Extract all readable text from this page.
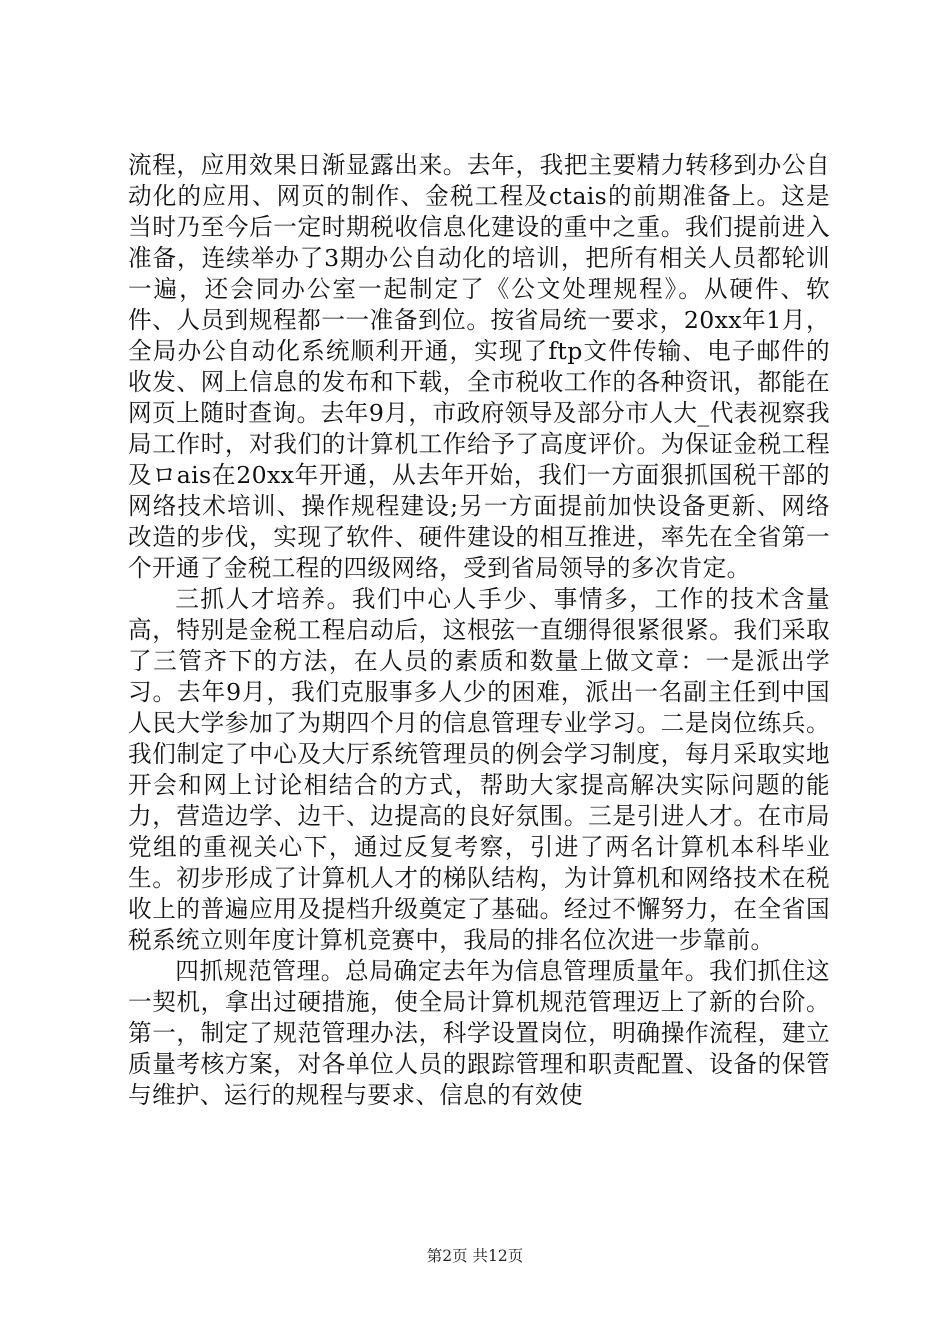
流程，应用效果日渐显露出来。去年，我把主要精力转移到办公自动化的应用、网页的制作、金税工程及ctais的前期准备上。这是当时乃至今后一定时期税收信息化建设的重中之重。我们提前进入准备，连续举办了3期办公自动化的培训，把所有相关人员都轮训一遍，还会同办公室一起制定了《公文处理规程》。从硬件、软件、人员到规程都一一准备到位。按省局统一要求，20xx年1月，全局办公自动化系统顺利开通，实现了ftp文件传输、电子邮件的收发、网上信息的发布和下载，全市税收工作的各种资讯，都能在网页上随时查询。去年9月，市政府领导及部分市人大_代表视察我局工作时，对我们的计算机工作给予了高度评价。为保证金税工程及ロais在20xx年开通，从去年开始，我们一方面狠抓国税干部的网络技术培训、操作规程建设;另一方面提前加快设备更新、网络改造的步伐，实现了软件、硬件建设的相互推进，率先在全省第一个开通了金税工程的四级网络，受到省局领导的多次肯定。

三抓人才培养。我们中心人手少、事情多，工作的技术含量高，特别是金税工程启动后，这根弦一直绷得很紧很紧。我们采取了三管齐下的方法，在人员的素质和数量上做文章：一是派出学习。去年9月，我们克服事多人少的困难，派出一名副主任到中国人民大学参加了为期四个月的信息管理专业学习。二是岗位练兵。我们制定了中心及大厅系统管理员的例会学习制度，每月采取实地开会和网上讨论相结合的方式，帮助大家提高解决实际问题的能力，营造边学、边干、边提高的良好氛围。三是引进人才。在市局党组的重视关心下，通过反复考察，引进了两名计算机本科毕业生。初步形成了计算机人才的梯队结构，为计算机和网络技术在税收上的普遍应用及提档升级奠定了基础。经过不懈努力，在全省国税系统立则年度计算机竞赛中，我局的排名位次进一步靠前。

四抓规范管理。总局确定去年为信息管理质量年。我们抓住这一契机，拿出过硬措施，使全局计算机规范管理迈上了新的台阶。第一，制定了规范管理办法，科学设置岗位，明确操作流程，建立质量考核方案，对各单位人员的跟踪管理和职责配置、设备的保管与维护、运行的规程与要求、信息的有效使

第2页 共12页
